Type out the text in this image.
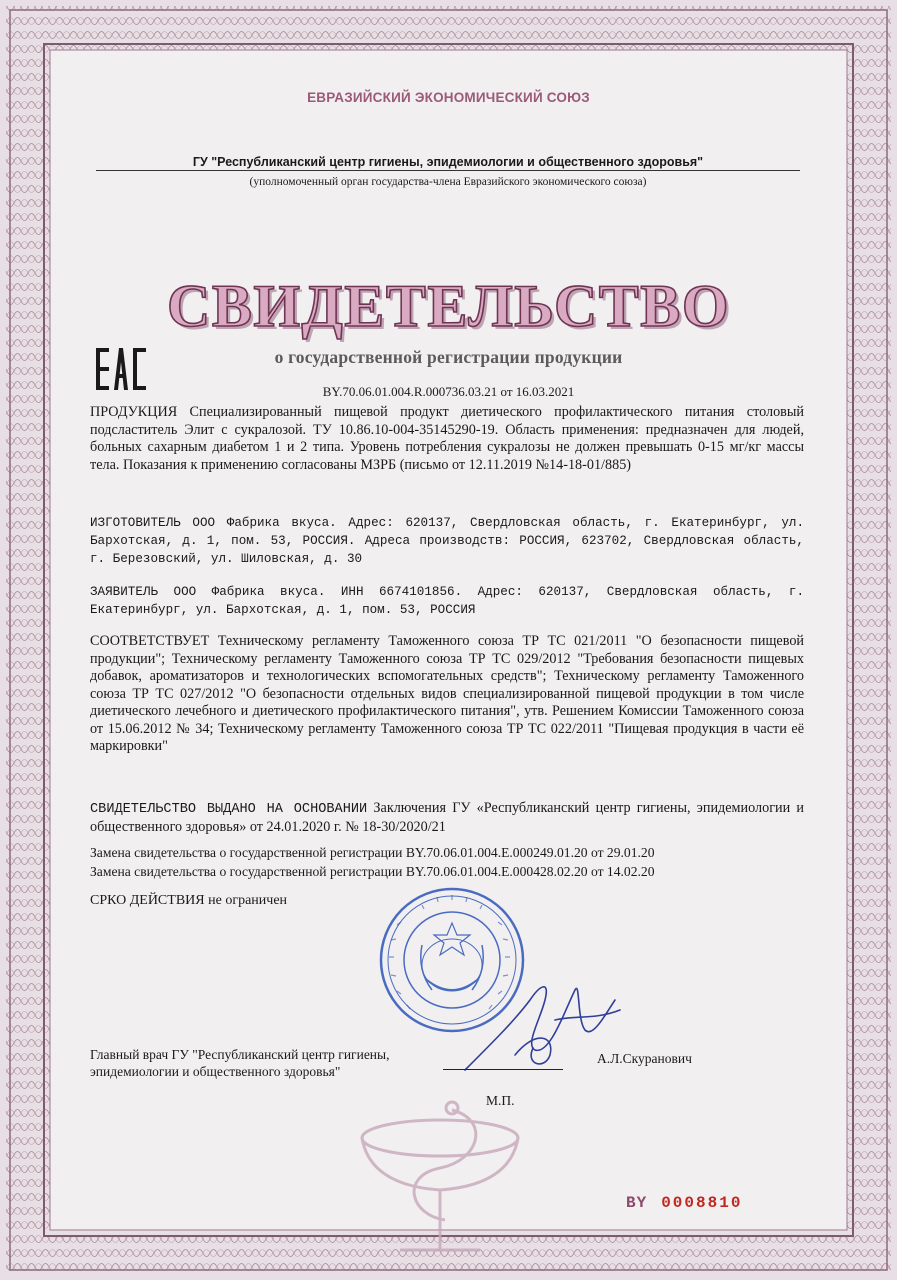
ЕВРАЗИЙСКИЙ ЭКОНОМИЧЕСКИЙ СОЮЗ
ГУ "Республиканский центр гигиены, эпидемиологии и общественного здоровья"
(уполномоченный орган государства-члена Евразийского экономического союза)
СВИДЕТЕЛЬСТВО
о государственной регистрации продукции
BY.70.06.01.004.R.000736.03.21 от 16.03.2021
ПРОДУКЦИЯ Специализированный пищевой продукт диетического профилактического питания столовый подсластитель Элит с сукралозой. ТУ 10.86.10-004-35145290-19. Область применения: предназначен для людей, больных сахарным диабетом 1 и 2 типа. Уровень потребления сукралозы не должен превышать 0-15 мг/кг массы тела. Показания к применению согласованы МЗРБ (письмо от 12.11.2019 №14-18-01/885)
ИЗГОТОВИТЕЛЬ ООО Фабрика вкуса. Адрес: 620137, Свердловская область, г. Екатеринбург, ул. Бархотская, д. 1, пом. 53, РОССИЯ. Адреса производств: РОССИЯ, 623702, Свердловская область, г. Березовский, ул. Шиловская, д. 30
ЗАЯВИТЕЛЬ ООО Фабрика вкуса. ИНН 6674101856. Адрес: 620137, Свердловская область, г. Екатеринбург, ул. Бархотская, д. 1, пом. 53, РОССИЯ
СООТВЕТСТВУЕТ Техническому регламенту Таможенного союза ТР ТС 021/2011 "О безопасности пищевой продукции"; Техническому регламенту Таможенного союза ТР ТС 029/2012 "Требования безопасности пищевых добавок, ароматизаторов и технологических вспомогательных средств"; Техническому регламенту Таможенного союза ТР ТС 027/2012 "О безопасности отдельных видов специализированной пищевой продукции в том числе диетического лечебного и диетического профилактического питания", утв. Решением Комиссии Таможенного союза от 15.06.2012 № 34; Техническому регламенту Таможенного союза ТР ТС 022/2011 "Пищевая продукция в части её маркировки"
СВИДЕТЕЛЬСТВО ВЫДАНО НА ОСНОВАНИИ Заключения ГУ «Республиканский центр гигиены, эпидемиологии и общественного здоровья» от 24.01.2020 г. № 18-30/2020/21
Замена свидетельства о государственной регистрации BY.70.06.01.004.Е.000249.01.20 от 29.01.20
Замена свидетельства о государственной регистрации BY.70.06.01.004.Е.000428.02.20 от 14.02.20
СРКО ДЕЙСТВИЯ не ограничен
Главный врач ГУ "Республиканский центр гигиены, эпидемиологии и общественного здоровья"
А.Л.Скуранович
М.П.
BY 0008810
